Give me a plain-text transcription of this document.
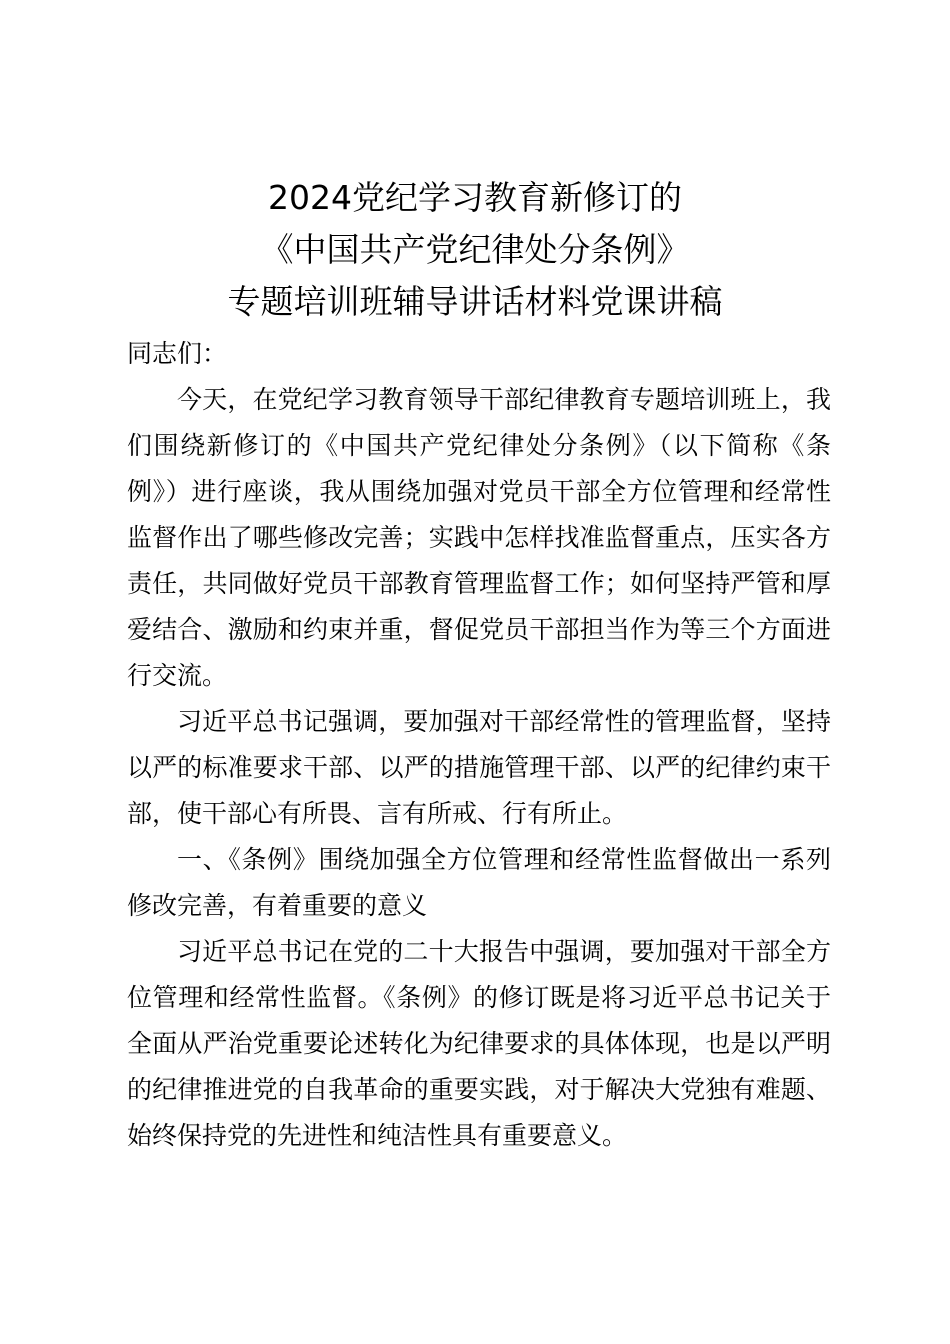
2024党纪学习教育新修订的
《中国共产党纪律处分条例》
专题培训班辅导讲话材料党课讲稿

同志们：

今天，在党纪学习教育领导干部纪律教育专题培训班上，我们围绕新修订的《中国共产党纪律处分条例》（以下简称《条例》）进行座谈，我从围绕加强对党员干部全方位管理和经常性监督作出了哪些修改完善；实践中怎样找准监督重点，压实各方责任，共同做好党员干部教育管理监督工作；如何坚持严管和厚爱结合、激励和约束并重，督促党员干部担当作为等三个方面进行交流。

习近平总书记强调，要加强对干部经常性的管理监督，坚持以严的标准要求干部、以严的措施管理干部、以严的纪律约束干部，使干部心有所畏、言有所戒、行有所止。

一、《条例》围绕加强全方位管理和经常性监督做出一系列修改完善，有着重要的意义

习近平总书记在党的二十大报告中强调，要加强对干部全方位管理和经常性监督。《条例》的修订既是将习近平总书记关于全面从严治党重要论述转化为纪律要求的具体体现，也是以严明的纪律推进党的自我革命的重要实践，对于解决大党独有难题、始终保持党的先进性和纯洁性具有重要意义。
